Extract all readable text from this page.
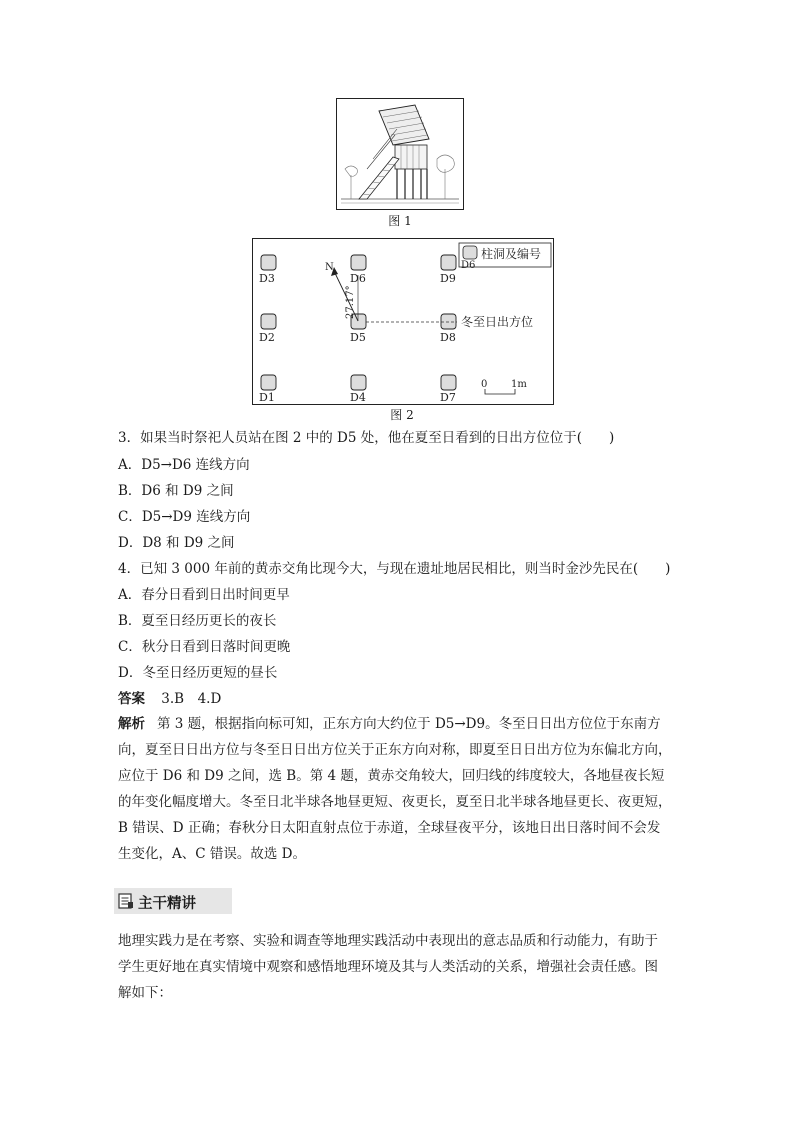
图 1
D6
柱洞及编号
D3	D6	D9
D2	D5	D8
D1	D4	D7
N
27.17°
冬至日出方位
0 1m
图 2
3．如果当时祭祀人员站在图 2 中的 D5 处，他在夏至日看到的日出方位位于(　　)
A．D5→D6 连线方向
B．D6 和 D9 之间
C．D5→D9 连线方向
D．D8 和 D9 之间
4．已知 3 000 年前的黄赤交角比现今大，与现在遗址地居民相比，则当时金沙先民在(　　)
A．春分日看到日出时间更早
B．夏至日经历更长的夜长
C．秋分日看到日落时间更晚
D．冬至日经历更短的昼长
答案 3.B　4.D
解析 第 3 题，根据指向标可知，正东方向大约位于 D5→D9。冬至日日出方位位于东南方
向，夏至日日出方位与冬至日日出方位关于正东方向对称，即夏至日日出方位为东偏北方向，
应位于 D6 和 D9 之间，选 B。第 4 题，黄赤交角较大，回归线的纬度较大，各地昼夜长短
的年变化幅度增大。冬至日北半球各地昼更短、夜更长，夏至日北半球各地昼更长、夜更短，
B 错误、D 正确；春秋分日太阳直射点位于赤道，全球昼夜平分，该地日出日落时间不会发
生变化，A、C 错误。故选 D。
主干精讲
地理实践力是在考察、实验和调查等地理实践活动中表现出的意志品质和行动能力，有助于
学生更好地在真实情境中观察和感悟地理环境及其与人类活动的关系，增强社会责任感。图
解如下：
